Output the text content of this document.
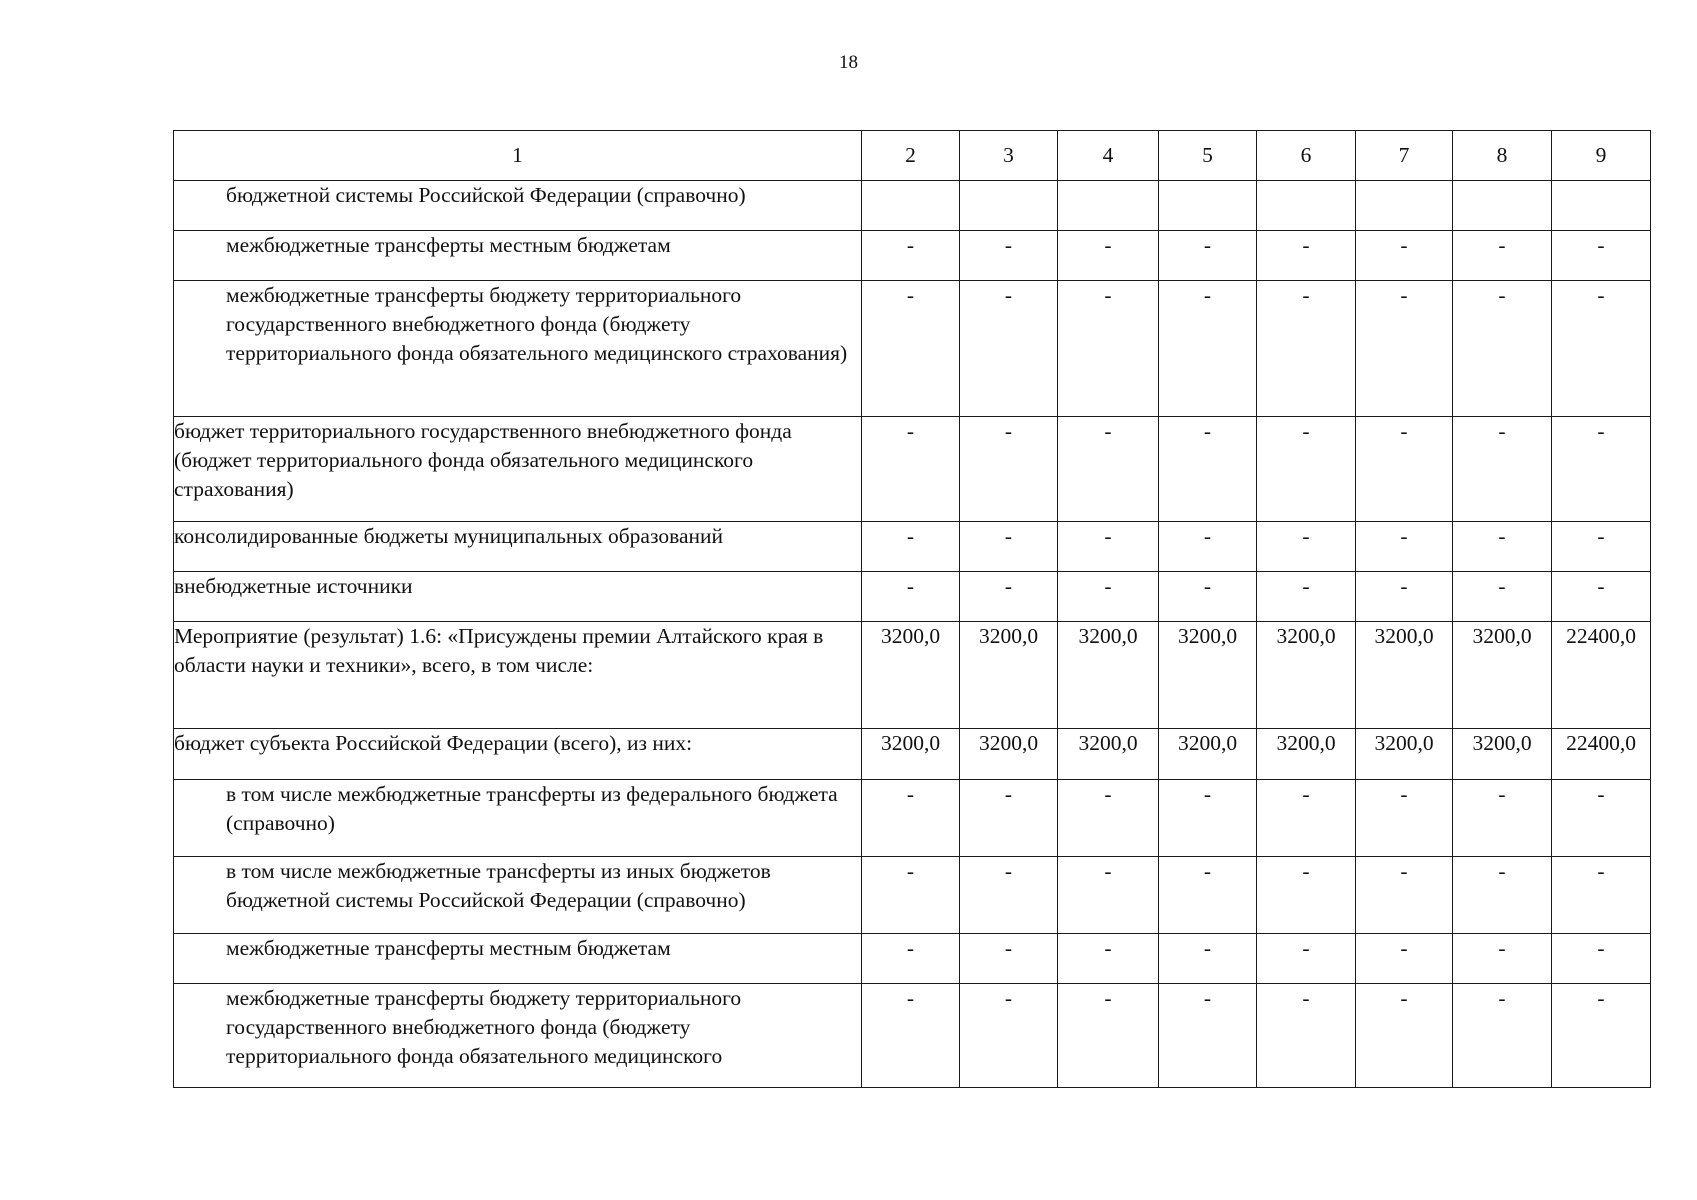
18
1	2	3	4	5	6	7	8	9
бюджетной системы Российской Федерации (справочно)								
межбюджетные трансферты местным бюджетам	-	-	-	-	-	-	-	-
межбюджетные трансферты бюджету территориального государственного внебюджетного фонда (бюджету территориального фонда обязательного медицинского страхования)	-	-	-	-	-	-	-	-
бюджет территориального государственного внебюджетного фонда (бюджет территориального фонда обязательного медицинского страхования)	-	-	-	-	-	-	-	-
консолидированные бюджеты муниципальных образований	-	-	-	-	-	-	-	-
внебюджетные источники	-	-	-	-	-	-	-	-
Мероприятие (результат) 1.6: «Присуждены премии Алтайского края в области науки и техники», всего, в том числе:	3200,0	3200,0	3200,0	3200,0	3200,0	3200,0	3200,0	22400,0
бюджет субъекта Российской Федерации (всего), из них:	3200,0	3200,0	3200,0	3200,0	3200,0	3200,0	3200,0	22400,0
в том числе межбюджетные трансферты из федерального бюджета (справочно)	-	-	-	-	-	-	-	-
в том числе межбюджетные трансферты из иных бюджетов бюджетной системы Российской Федерации (справочно)	-	-	-	-	-	-	-	-
межбюджетные трансферты местным бюджетам	-	-	-	-	-	-	-	-
межбюджетные трансферты бюджету территориального государственного внебюджетного фонда (бюджету территориального фонда обязательного медицинского	-	-	-	-	-	-	-	-
